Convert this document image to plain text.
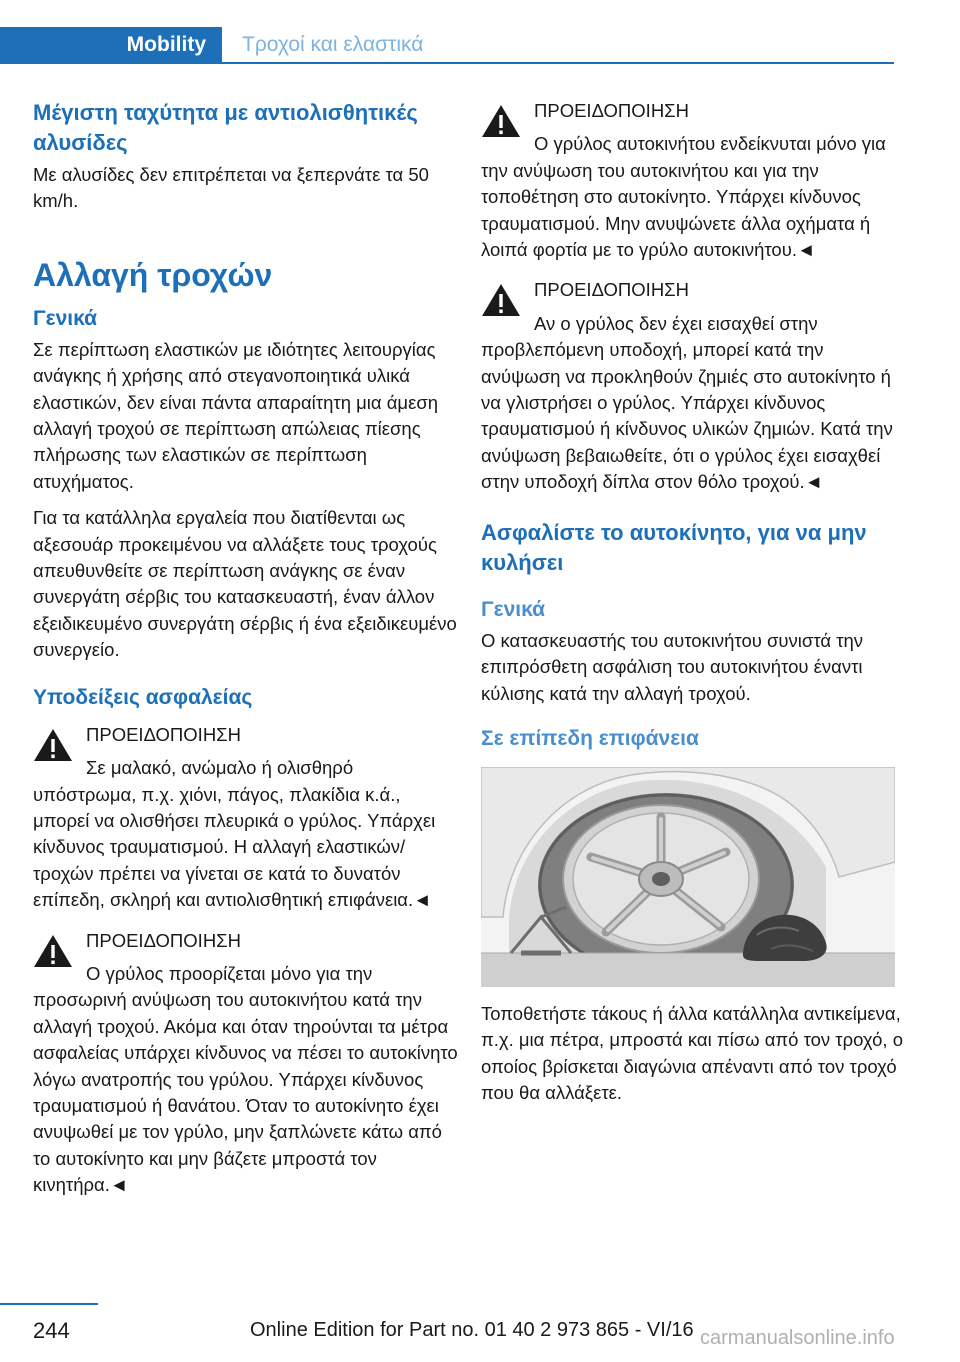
Mobility	Τροχοί και ελαστικά
Μέγιστη ταχύτητα με αντιολισθητικές αλυσίδες

Με αλυσίδες δεν επιτρέπεται να ξεπερνάτε τα 50 km/h.

Αλλαγή τροχών
Γενικά

Σε περίπτωση ελαστικών με ιδιότητες λειτουργίας ανάγκης ή χρήσης από στεγανοποιητικά υλικά ελαστικών, δεν είναι πάντα απαραίτητη μια άμεση αλλαγή τροχού σε περίπτωση απώλειας πίεσης πλήρωσης των ελαστικών σε περίπτωση ατυχήματος.

Για τα κατάλληλα εργαλεία που διατίθενται ως αξεσουάρ προκειμένου να αλλάξετε τους τροχούς απευθυνθείτε σε περίπτωση ανάγκης σε έναν συνεργάτη σέρβις του κατασκευαστή, έναν άλλον εξειδικευμένο συνεργάτη σέρβις ή ένα εξειδικευμένο συνεργείο.

Υποδείξεις ασφαλείας

ΠΡΟΕΙΔΟΠΟΙΗΣΗ

Σε μαλακό, ανώμαλο ή ολισθηρό υπόστρωμα, π.χ. χιόνι, πάγος, πλακίδια κ.ά., μπορεί να ολισθήσει πλευρικά ο γρύλος. Υπάρχει κίνδυνος τραυματισμού. Η αλλαγή ελαστικών/τροχών πρέπει να γίνεται σε κατά το δυνατόν επίπεδη, σκληρή και αντιολισθητική επιφάνεια.◄

ΠΡΟΕΙΔΟΠΟΙΗΣΗ

Ο γρύλος προορίζεται μόνο για την προσωρινή ανύψωση του αυτοκινήτου κατά την αλλαγή τροχού. Ακόμα και όταν τηρούνται τα μέτρα ασφαλείας υπάρχει κίνδυνος να πέσει το αυτοκίνητο λόγω ανατροπής του γρύλου. Υπάρχει κίνδυνος τραυματισμού ή θανάτου. Όταν το αυτοκίνητο έχει ανυψωθεί με τον γρύλο, μην ξαπλώνετε κάτω από το αυτοκίνητο και μην βάζετε μπροστά τον κινητήρα.◄

ΠΡΟΕΙΔΟΠΟΙΗΣΗ

Ο γρύλος αυτοκινήτου ενδείκνυται μόνο για την ανύψωση του αυτοκινήτου και για την τοποθέτηση στο αυτοκίνητο. Υπάρχει κίνδυνος τραυματισμού. Μην ανυψώνετε άλλα οχήματα ή λοιπά φορτία με το γρύλο αυτοκινήτου.◄

ΠΡΟΕΙΔΟΠΟΙΗΣΗ

Αν ο γρύλος δεν έχει εισαχθεί στην προβλεπόμενη υποδοχή, μπορεί κατά την ανύψωση να προκληθούν ζημιές στο αυτοκίνητο ή να γλιστρήσει ο γρύλος. Υπάρχει κίνδυνος τραυματισμού ή κίνδυνος υλικών ζημιών. Κατά την ανύψωση βεβαιωθείτε, ότι ο γρύλος έχει εισαχθεί στην υποδοχή δίπλα στον θόλο τροχού.◄

Ασφαλίστε το αυτοκίνητο, για να μην κυλήσει
Γενικά

Ο κατασκευαστής του αυτοκινήτου συνιστά την επιπρόσθετη ασφάλιση του αυτοκινήτου έναντι κύλισης κατά την αλλαγή τροχού.

Σε επίπεδη επιφάνεια

Τοποθετήστε τάκους ή άλλα κατάλληλα αντικείμενα, π.χ. μια πέτρα, μπροστά και πίσω από τον τροχό, ο οποίος βρίσκεται διαγώνια απέναντι από τον τροχό που θα αλλάξετε.

244	Online Edition for Part no. 01 40 2 973 865 - VI/16 carmanualsonline.info
